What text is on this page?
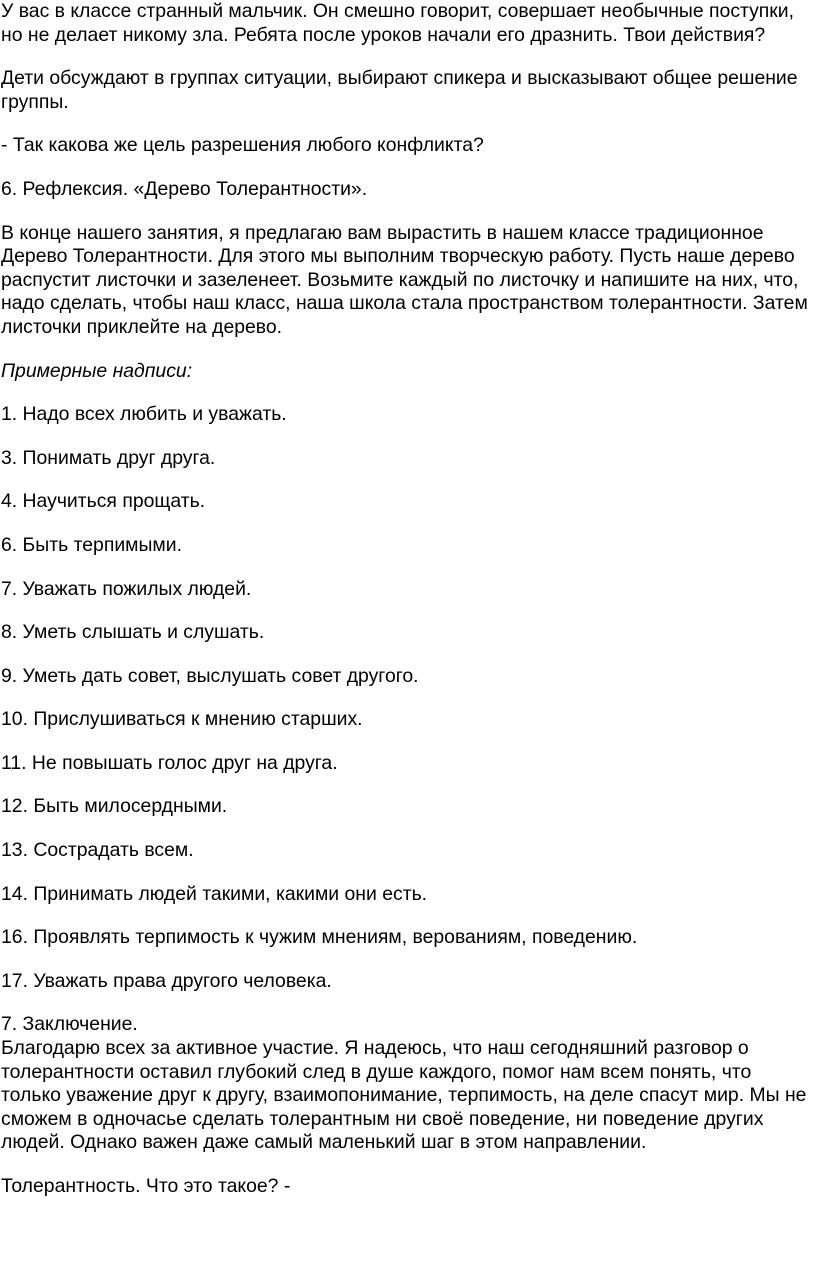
У вас в классе странный мальчик. Он смешно говорит, совершает необычные поступки, но не делает никому зла. Ребята после уроков начали его дразнить. Твои действия?

Дети обсуждают в группах ситуации, выбирают спикера и высказывают общее решение группы.

- Так какова же цель разрешения любого конфликта?

6. Рефлексия. «Дерево Толерантности».

В конце нашего занятия, я предлагаю вам вырастить в нашем классе традиционное Дерево Толерантности. Для этого мы выполним творческую работу. Пусть наше дерево распустит листочки и зазеленеет. Возьмите каждый по листочку и напишите на них, что, надо сделать, чтобы наш класс, наша школа стала пространством толерантности. Затем листочки приклейте на дерево.

Примерные надписи:

1. Надо всех любить и уважать.

3. Понимать друг друга.

4. Научиться прощать.

6. Быть терпимыми.

7. Уважать пожилых людей.

8. Уметь слышать и слушать.

9. Уметь дать совет, выслушать совет другого.

10. Прислушиваться к мнению старших.

11. Не повышать голос друг на друга.

12. Быть милосердными.

13. Сострадать всем.

14. Принимать людей такими, какими они есть.

16. Проявлять терпимость к чужим мнениям, верованиям, поведению.

17. Уважать права другого человека.

7. Заключение.

Благодарю всех за активное участие. Я надеюсь, что наш сегодняшний разговор о толерантности оставил глубокий след в душе каждого, помог нам всем понять, что только уважение друг к другу, взаимопонимание, терпимость, на деле спасут мир. Мы не сможем в одночасье сделать толерантным ни своё поведение, ни поведение других людей. Однако важен даже самый маленький шаг в этом направлении.

Толерантность. Что это такое? -
